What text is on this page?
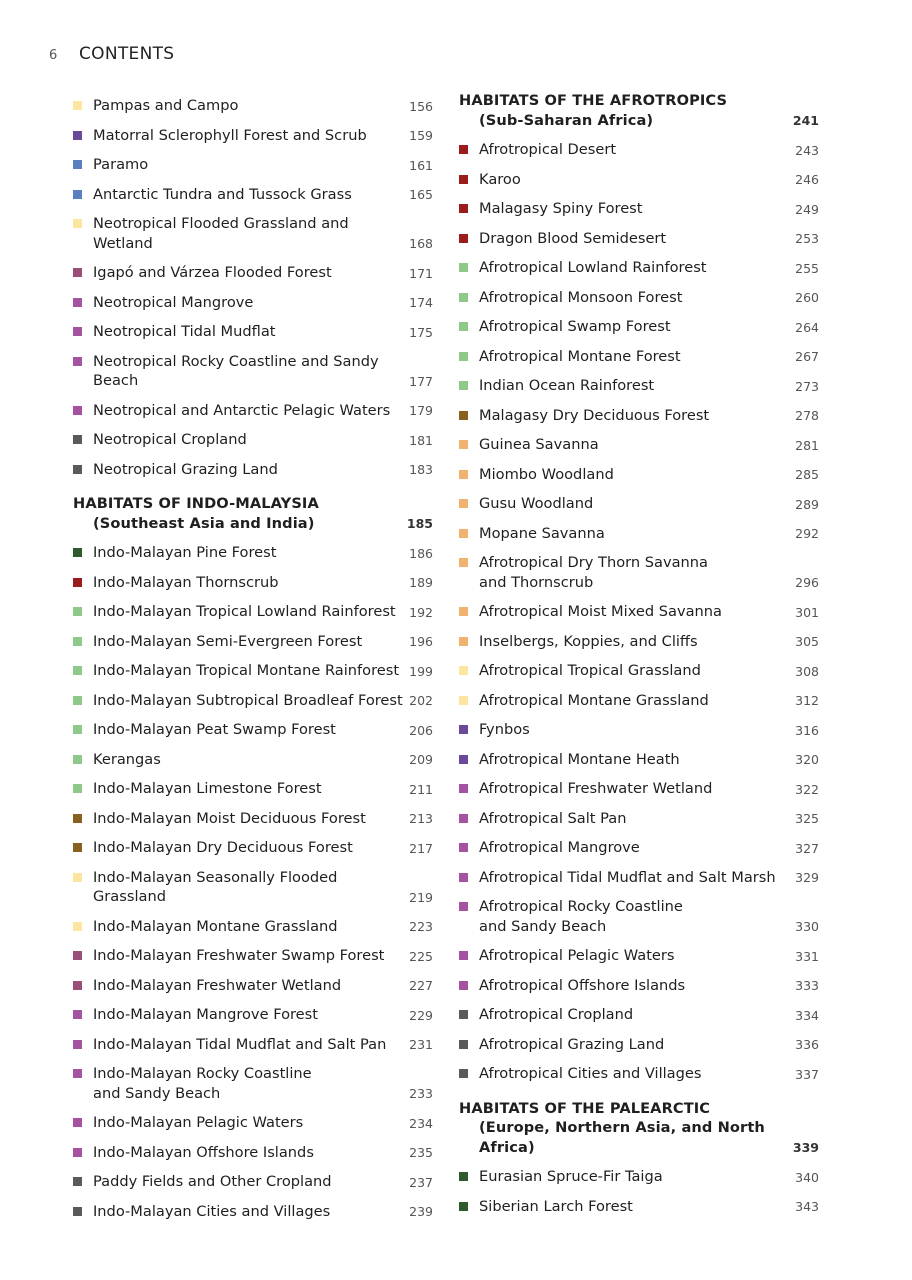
6	CONTENTS
Pampas and Campo	156
Matorral Sclerophyll Forest and Scrub	159
Paramo	161
Antarctic Tundra and Tussock Grass	165
Neotropical Flooded Grassland and Wetland	168
Igapó and Várzea Flooded Forest	171
Neotropical Mangrove	174
Neotropical Tidal Mudflat	175
Neotropical Rocky Coastline and Sandy Beach	177
Neotropical and Antarctic Pelagic Waters	179
Neotropical Cropland	181
Neotropical Grazing Land	183
HABITATS OF INDO-MALAYSIA
(Southeast Asia and India)	185
Indo-Malayan Pine Forest	186
Indo-Malayan Thornscrub	189
Indo-Malayan Tropical Lowland Rainforest	192
Indo-Malayan Semi-Evergreen Forest	196
Indo-Malayan Tropical Montane Rainforest 199
Indo-Malayan Subtropical Broadleaf Forest 202
Indo-Malayan Peat Swamp Forest	206
Kerangas	209
Indo-Malayan Limestone Forest	211
Indo-Malayan Moist Deciduous Forest	213
Indo-Malayan Dry Deciduous Forest	217
Indo-Malayan Seasonally Flooded Grassland	219
Indo-Malayan Montane Grassland	223
Indo-Malayan Freshwater Swamp Forest	225
Indo-Malayan Freshwater Wetland	227
Indo-Malayan Mangrove Forest	229
Indo-Malayan Tidal Mudflat and Salt Pan	231
Indo-Malayan Rocky Coastline
and Sandy Beach	233
Indo-Malayan Pelagic Waters	234
Indo-Malayan Offshore Islands	235
Paddy Fields and Other Cropland	237
Indo-Malayan Cities and Villages	239
HABITATS OF THE AFROTROPICS
(Sub-Saharan Africa)	241
Afrotropical Desert	243
Karoo	246
Malagasy Spiny Forest	249
Dragon Blood Semidesert	253
Afrotropical Lowland Rainforest	255
Afrotropical Monsoon Forest	260
Afrotropical Swamp Forest	264
Afrotropical Montane Forest	267
Indian Ocean Rainforest	273
Malagasy Dry Deciduous Forest	278
Guinea Savanna	281
Miombo Woodland	285
Gusu Woodland	289
Mopane Savanna	292
Afrotropical Dry Thorn Savanna
and Thornscrub	296
Afrotropical Moist Mixed Savanna	301
Inselbergs, Koppies, and Cliffs	305
Afrotropical Tropical Grassland	308
Afrotropical Montane Grassland	312
Fynbos	316
Afrotropical Montane Heath	320
Afrotropical Freshwater Wetland	322
Afrotropical Salt Pan	325
Afrotropical Mangrove	327
Afrotropical Tidal Mudflat and Salt Marsh	329
Afrotropical Rocky Coastline
and Sandy Beach	330
Afrotropical Pelagic Waters	331
Afrotropical Offshore Islands	333
Afrotropical Cropland	334
Afrotropical Grazing Land	336
Afrotropical Cities and Villages	337
HABITATS OF THE PALEARCTIC
(Europe, Northern Asia, and North Africa)	339
Eurasian Spruce-Fir Taiga	340
Siberian Larch Forest	343
